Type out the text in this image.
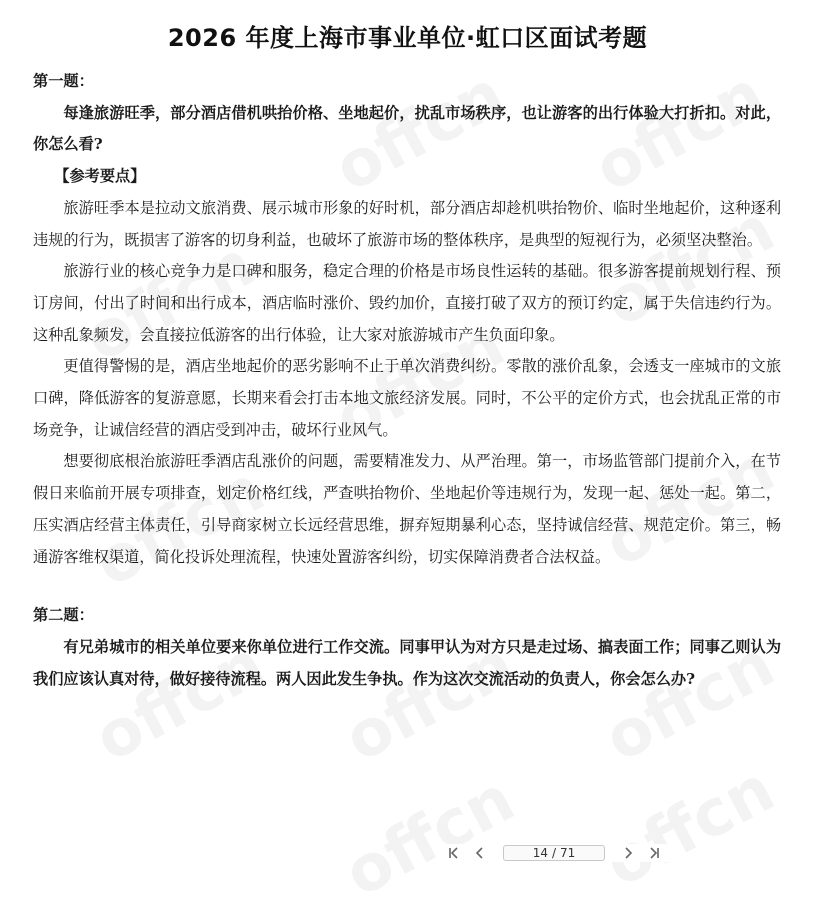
2026 年度上海市事业单位·虹口区面试考题

第一题：

每逢旅游旺季，部分酒店借机哄抬价格、坐地起价，扰乱市场秩序，也让游客的出行体验大打折扣。对此，你怎么看?

【参考要点】

旅游旺季本是拉动文旅消费、展示城市形象的好时机，部分酒店却趁机哄抬物价、临时坐地起价，这种逐利违规的行为，既损害了游客的切身利益，也破坏了旅游市场的整体秩序，是典型的短视行为，必须坚决整治。

旅游行业的核心竞争力是口碑和服务，稳定合理的价格是市场良性运转的基础。很多游客提前规划行程、预订房间，付出了时间和出行成本，酒店临时涨价、毁约加价，直接打破了双方的预订约定，属于失信违约行为。这种乱象频发，会直接拉低游客的出行体验，让大家对旅游城市产生负面印象。

更值得警惕的是，酒店坐地起价的恶劣影响不止于单次消费纠纷。零散的涨价乱象，会透支一座城市的文旅口碑，降低游客的复游意愿，长期来看会打击本地文旅经济发展。同时，不公平的定价方式，也会扰乱正常的市场竞争，让诚信经营的酒店受到冲击，破坏行业风气。

想要彻底根治旅游旺季酒店乱涨价的问题，需要精准发力、从严治理。第一，市场监管部门提前介入，在节假日来临前开展专项排查，划定价格红线，严查哄抬物价、坐地起价等违规行为，发现一起、惩处一起。第二，压实酒店经营主体责任，引导商家树立长远经营思维，摒弃短期暴利心态，坚持诚信经营、规范定价。第三，畅通游客维权渠道，简化投诉处理流程，快速处置游客纠纷，切实保障消费者合法权益。

第二题：

有兄弟城市的相关单位要来你单位进行工作交流。同事甲认为对方只是走过场、搞表面工作；同事乙则认为我们应该认真对待，做好接待流程。两人因此发生争执。作为这次交流活动的负责人，你会怎么办?

14 / 71
